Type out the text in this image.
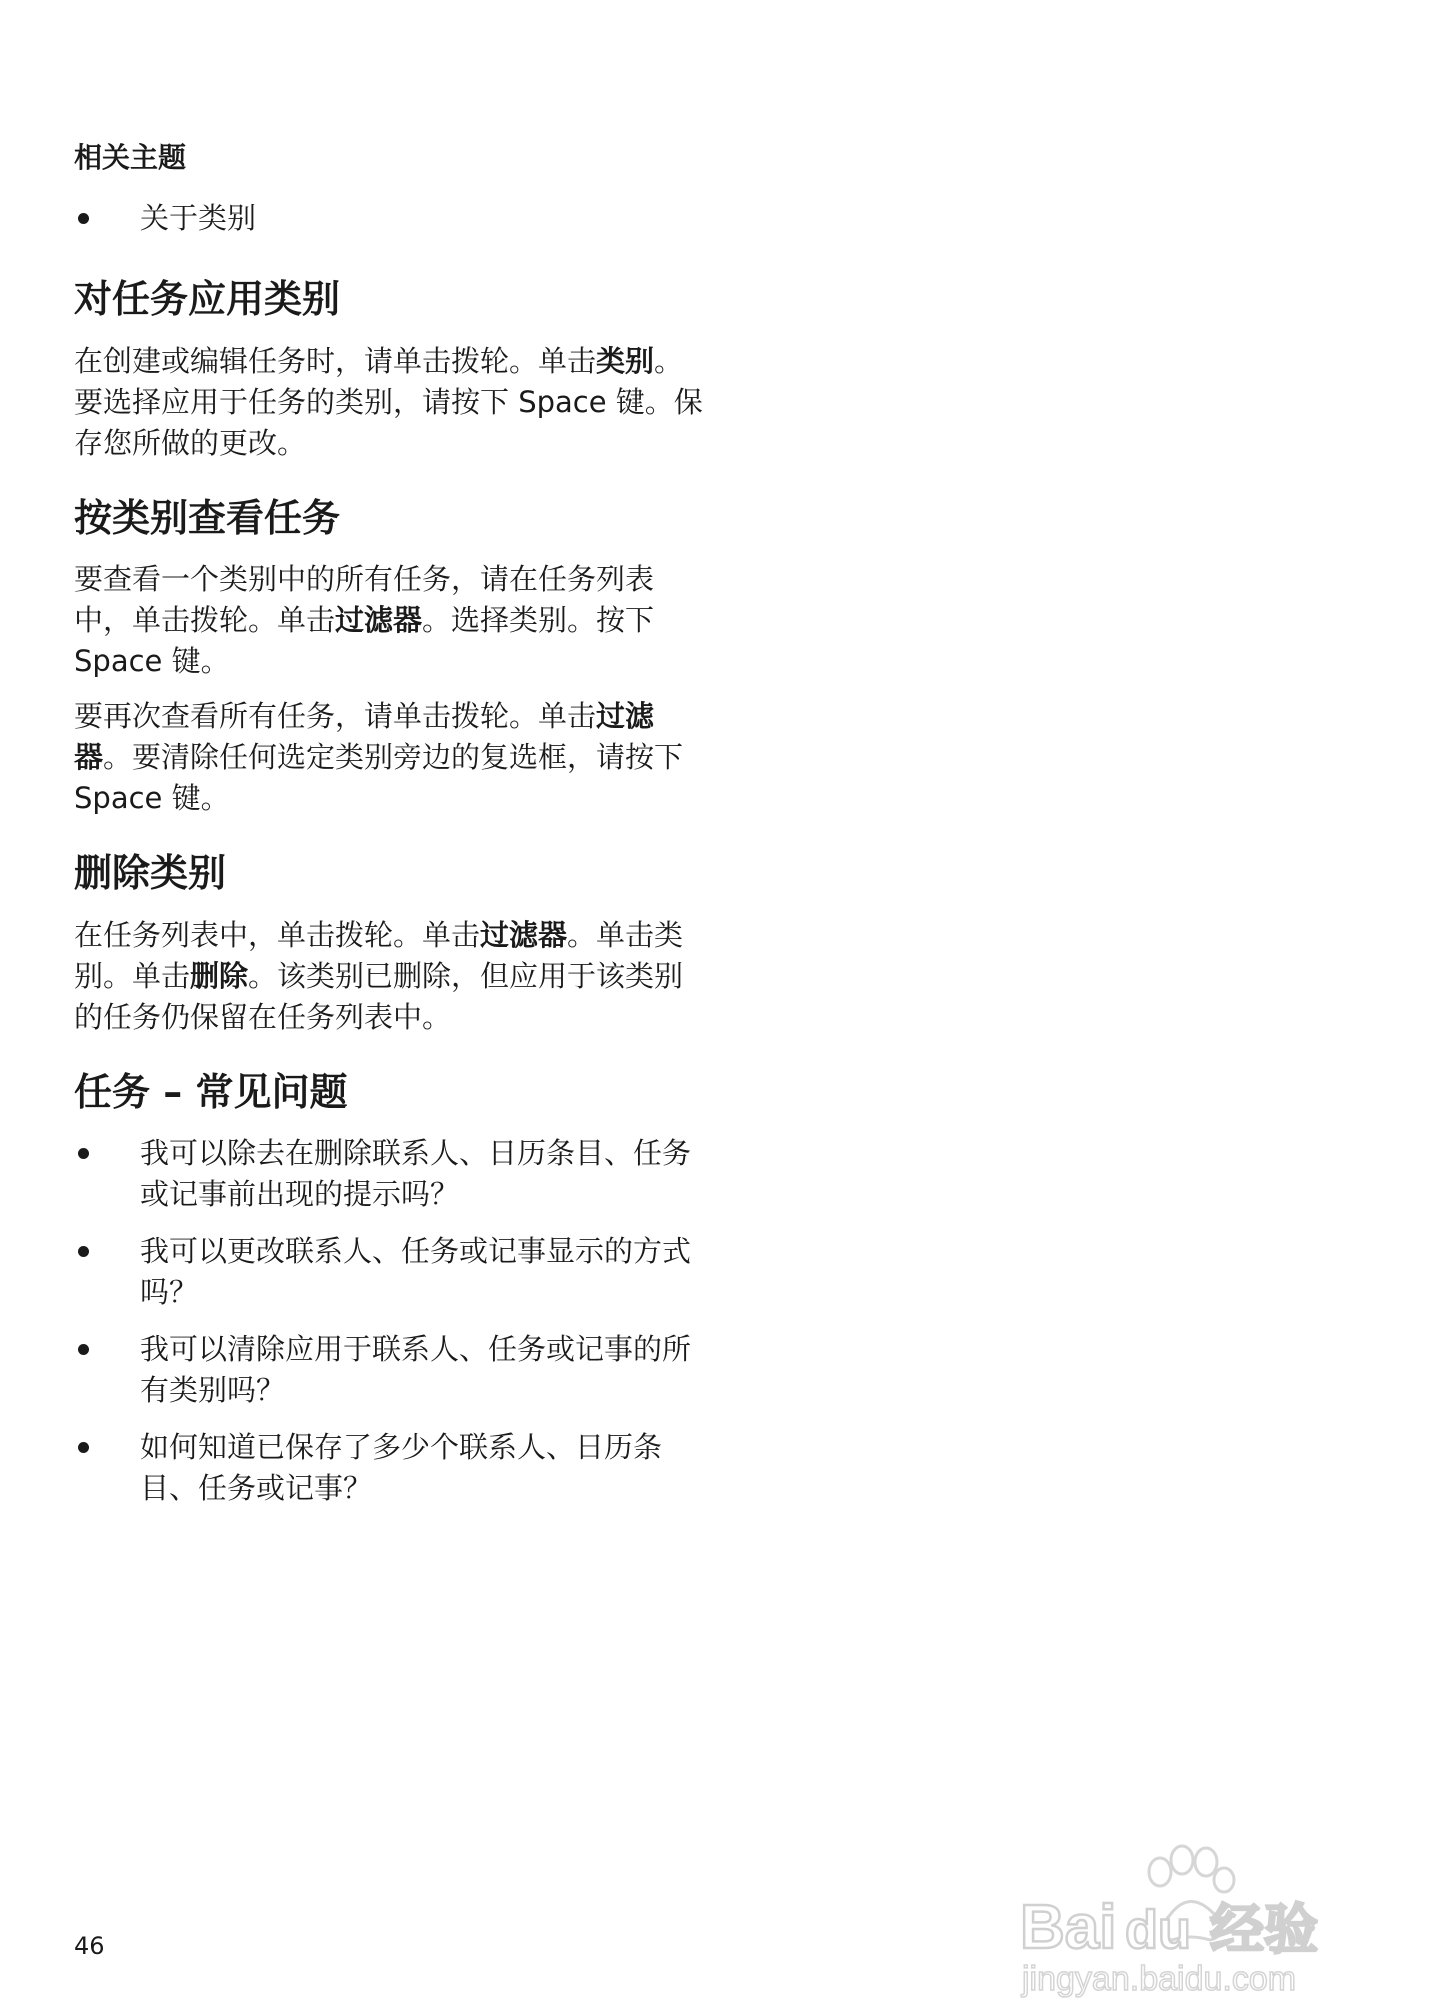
相关主题
关于类别
对任务应用类别

在创建或编辑任务时，请单击拨轮。单击类别。要选择应用于任务的类别，请按下 Space 键。保存您所做的更改。

按类别查看任务

要查看一个类别中的所有任务，请在任务列表中，单击拨轮。单击过滤器。选择类别。按下 Space 键。

要再次查看所有任务，请单击拨轮。单击过滤器。要清除任何选定类别旁边的复选框，请按下 Space 键。

删除类别

在任务列表中，单击拨轮。单击过滤器。单击类别。单击删除。该类别已删除，但应用于该类别的任务仍保留在任务列表中。

任务 – 常见问题
我可以除去在删除联系人、日历条目、任务或记事前出现的提示吗？
我可以更改联系人、任务或记事显示的方式吗？
我可以清除应用于联系人、任务或记事的所有类别吗？
如何知道已保存了多少个联系人、日历条目、任务或记事？
46	Bai du 经验
jingyan.baidu.com
